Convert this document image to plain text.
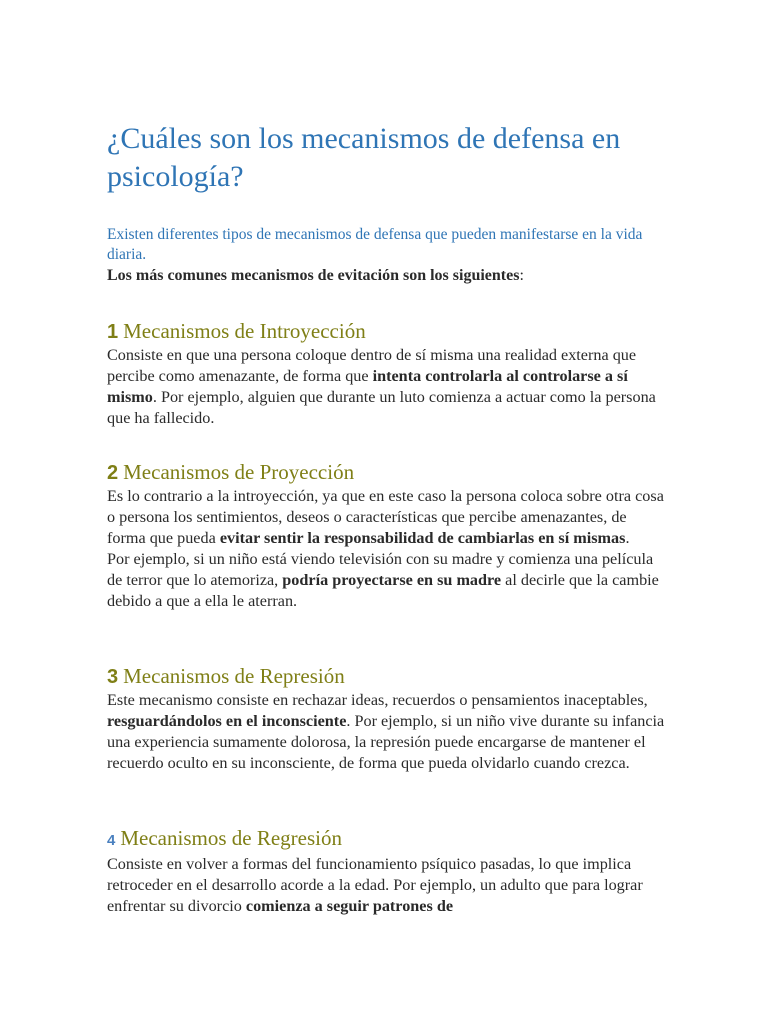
¿Cuáles son los mecanismos de defensa en psicología?

Existen diferentes tipos de mecanismos de defensa que pueden manifestarse en la vida diaria.

Los más comunes mecanismos de evitación son los siguientes:

1 Mecanismos de Introyección

Consiste en que una persona coloque dentro de sí misma una realidad externa que percibe como amenazante, de forma que intenta controlarla al controlarse a sí mismo. Por ejemplo, alguien que durante un luto comienza a actuar como la persona que ha fallecido.

2 Mecanismos de Proyección

Es lo contrario a la introyección, ya que en este caso la persona coloca sobre otra cosa o persona los sentimientos, deseos o características que percibe amenazantes, de forma que pueda evitar sentir la responsabilidad de cambiarlas en sí mismas.

Por ejemplo, si un niño está viendo televisión con su madre y comienza una película de terror que lo atemoriza, podría proyectarse en su madre al decirle que la cambie debido a que a ella le aterran.

3 Mecanismos de Represión

Este mecanismo consiste en rechazar ideas, recuerdos o pensamientos inaceptables, resguardándolos en el inconsciente. Por ejemplo, si un niño vive durante su infancia una experiencia sumamente dolorosa, la represión puede encargarse de mantener el recuerdo oculto en su inconsciente, de forma que pueda olvidarlo cuando crezca.

4 Mecanismos de Regresión

Consiste en volver a formas del funcionamiento psíquico pasadas, lo que implica retroceder en el desarrollo acorde a la edad. Por ejemplo, un adulto que para lograr enfrentar su divorcio comienza a seguir patrones de
